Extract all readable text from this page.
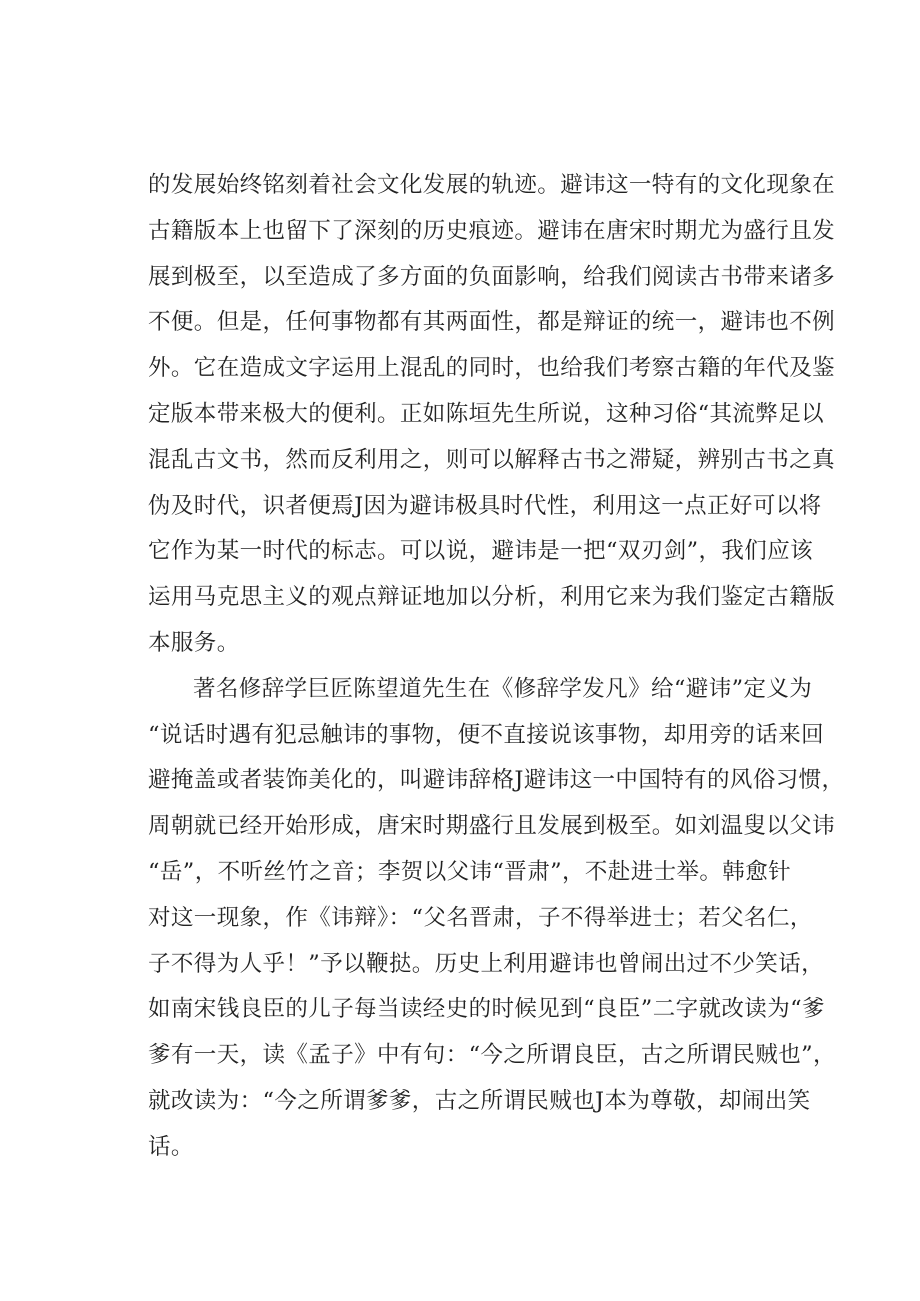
的发展始终铭刻着社会文化发展的轨迹。避讳这一特有的文化现象在
古籍版本上也留下了深刻的历史痕迹。避讳在唐宋时期尤为盛行且发
展到极至，以至造成了多方面的负面影响，给我们阅读古书带来诸多
不便。但是，任何事物都有其两面性，都是辩证的统一，避讳也不例
外。它在造成文字运用上混乱的同时，也给我们考察古籍的年代及鉴
定版本带来极大的便利。正如陈垣先生所说，这种习俗“其流弊足以
混乱古文书，然而反利用之，则可以解释古书之滞疑，辨别古书之真
伪及时代，识者便焉J因为避讳极具时代性，利用这一点正好可以将
它作为某一时代的标志。可以说，避讳是一把“双刃剑”，我们应该
运用马克思主义的观点辩证地加以分析，利用它来为我们鉴定古籍版
本服务。
著名修辞学巨匠陈望道先生在《修辞学发凡》给“避讳”定义为
“说话时遇有犯忌触讳的事物，便不直接说该事物，却用旁的话来回
避掩盖或者装饰美化的，叫避讳辞格J避讳这一中国特有的风俗习惯，
周朝就已经开始形成，唐宋时期盛行且发展到极至。如刘温叟以父讳
“岳”，不听丝竹之音；李贺以父讳“晋肃”，不赴进士举。韩愈针
对这一现象，作《讳辩》：“父名晋肃，子不得举进士；若父名仁，
子不得为人乎！”予以鞭挞。历史上利用避讳也曾闹出过不少笑话，
如南宋钱良臣的儿子每当读经史的时候见到“良臣”二字就改读为“爹
爹有一天，读《孟子》中有句：“今之所谓良臣，古之所谓民贼也”，
就改读为：“今之所谓爹爹，古之所谓民贼也J本为尊敬，却闹出笑
话。
